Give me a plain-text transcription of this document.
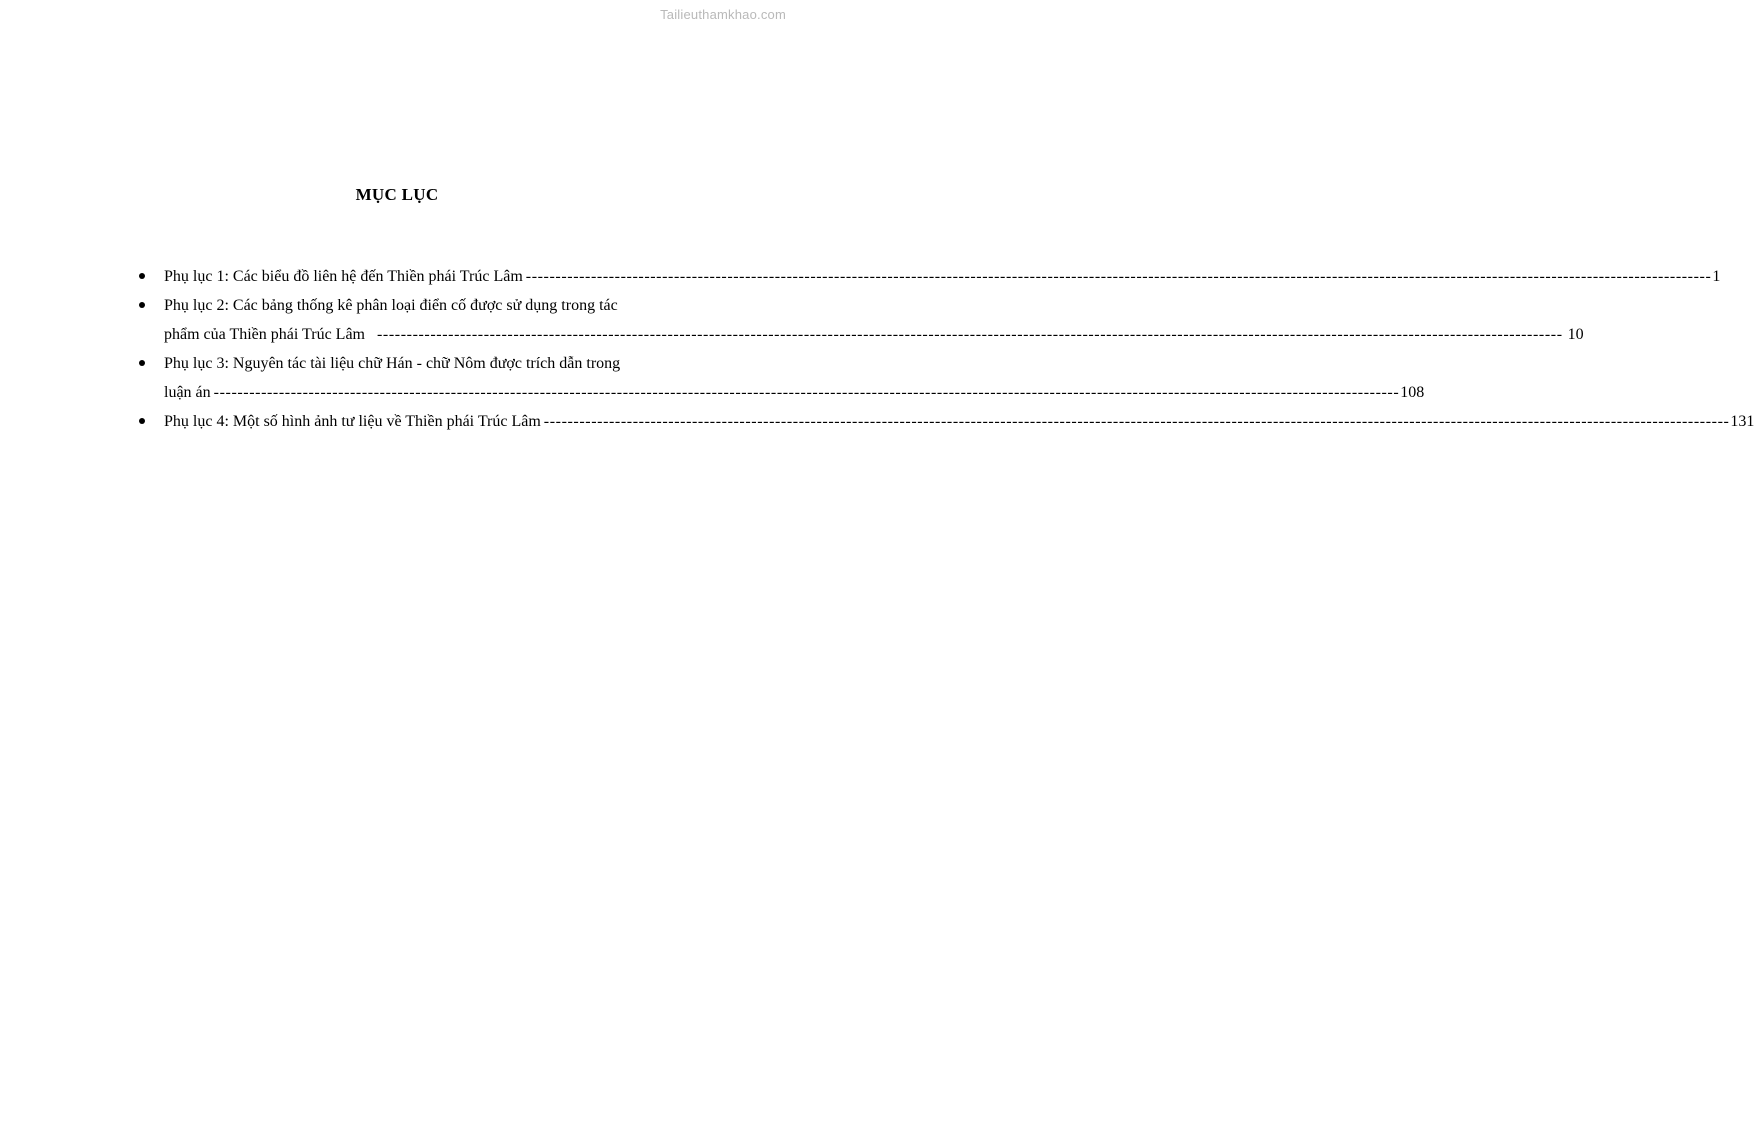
Tailieuthamkhao.com
MỤC LỤC
Phụ lục 1: Các biểu đồ liên hệ đến Thiền phái Trúc Lâm -------------------------------------------------------------------------------------------------------------------------------------------------------------------------------------------------------- 1
Phụ lục 2: Các bảng thống kê phân loại điển cố được sử dụng trong tác
phẩm của Thiền phái Trúc Lâm -------------------------------------------------------------------------------------------------------------------------------------------------------------------------------------------------------- 10
Phụ lục 3: Nguyên tác tài liệu chữ Hán - chữ Nôm được trích dẫn trong
luận án -------------------------------------------------------------------------------------------------------------------------------------------------------------------------------------------------------- 108
Phụ lục 4: Một số hình ảnh tư liệu về Thiền phái Trúc Lâm -------------------------------------------------------------------------------------------------------------------------------------------------------------------------------------------------------- 131
